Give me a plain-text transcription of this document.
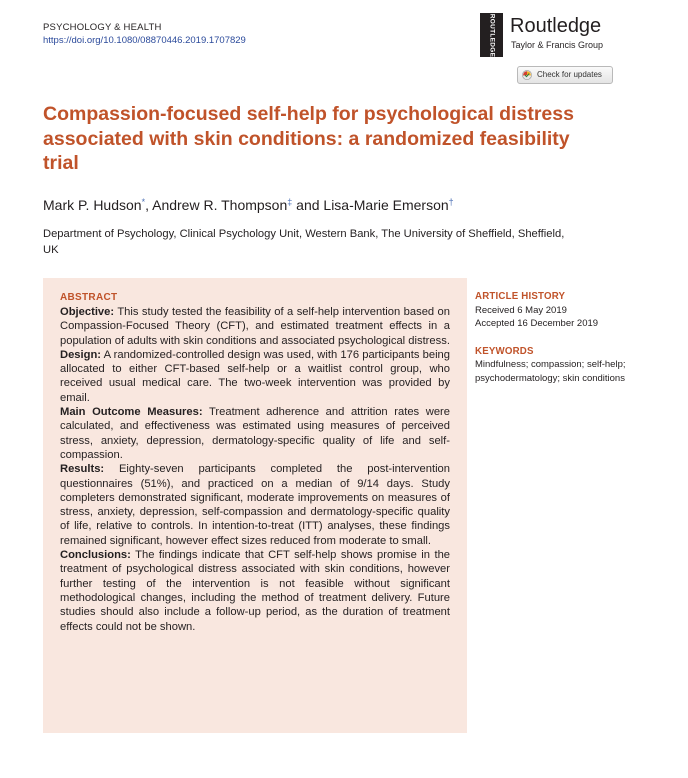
PSYCHOLOGY & HEALTH
https://doi.org/10.1080/08870446.2019.1707829	ROUTLEDGE Routledge
Taylor & Francis Group
Check for updates
Compassion-focused self-help for psychological distress associated with skin conditions: a randomized feasibility trial
Mark P. Hudson*, Andrew R. Thompson‡ and Lisa-Marie Emerson†

Department of Psychology, Clinical Psychology Unit, Western Bank, The University of Sheffield, Sheffield, UK

ABSTRACT

Objective: This study tested the feasibility of a self-help intervention based on Compassion-Focused Theory (CFT), and estimated treatment effects in a population of adults with skin conditions and associated psychological distress.

Design: A randomized-controlled design was used, with 176 participants being allocated to either CFT-based self-help or a waitlist control group, who received usual medical care. The two-week intervention was provided by email.

Main Outcome Measures: Treatment adherence and attrition rates were calculated, and effectiveness was estimated using measures of perceived stress, anxiety, depression, dermatology-specific quality of life and self-compassion.

Results: Eighty-seven participants completed the post-intervention questionnaires (51%), and practiced on a median of 9/14 days. Study completers demonstrated significant, moderate improvements on measures of stress, anxiety, depression, self-compassion and dermatology-specific quality of life, relative to controls. In intention-to-treat (ITT) analyses, these findings remained significant, however effect sizes reduced from moderate to small.

Conclusions: The findings indicate that CFT self-help shows promise in the treatment of psychological distress associated with skin conditions, however further testing of the intervention is not feasible without significant methodological changes, including the method of treatment delivery. Future studies should also include a follow-up period, as the duration of treatment effects could not be shown.

ARTICLE HISTORY
Received 6 May 2019
Accepted 16 December 2019
KEYWORDS
Mindfulness; compassion; self-help; psychodermatology; skin conditions
